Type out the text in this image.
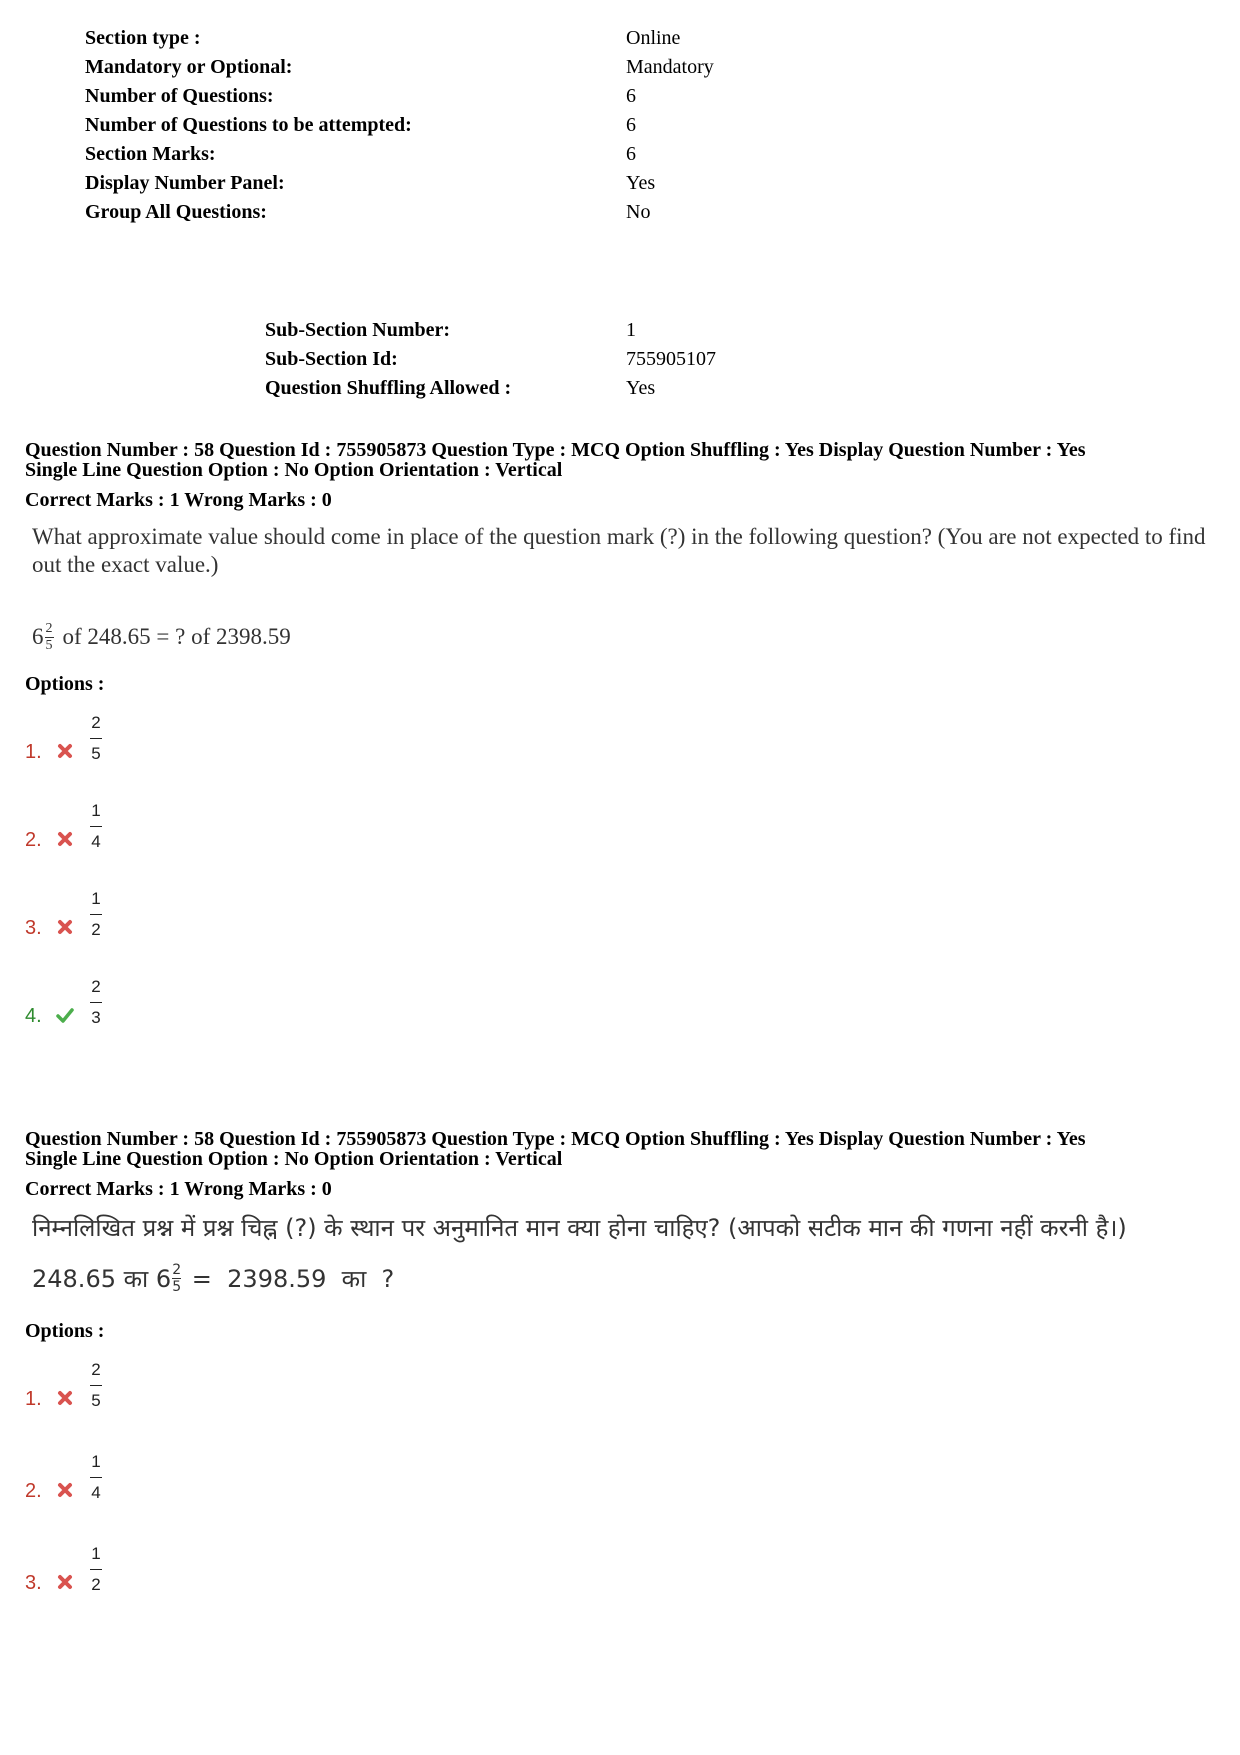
Section type :	Online
Mandatory or Optional:	Mandatory
Number of Questions:	6
Number of Questions to be attempted:	6
Section Marks:	6
Display Number Panel:	Yes
Group All Questions:	No
Sub-Section Number:	1
Sub-Section Id:	755905107
Question Shuffling Allowed :	Yes
Question Number : 58 Question Id : 755905873 Question Type : MCQ Option Shuffling : Yes Display Question Number : Yes
Single Line Question Option : No Option Orientation : Vertical
Correct Marks : 1 Wrong Marks : 0
What approximate value should come in place of the question mark (?) in the following question? (You are not expected to find out the exact value.)
$6 \frac{2}{5}$ of 248.65 = ? of 2398.59
Options :
1.
2
5
2.
1
4
3.
1
2
4.
2
3
Question Number : 58 Question Id : 755905873 Question Type : MCQ Option Shuffling : Yes Display Question Number : Yes
Single Line Question Option : No Option Orientation : Vertical
Correct Marks : 1 Wrong Marks : 0
निम्नलिखित प्रश्न में प्रश्न चिह्न (?) के स्थान पर अनुमानित मान क्या होना चाहिए? (आपको सटीक मान की गणना नहीं करनी है।)
248.65 का $6 \frac{2}{5} = 2398.59$  का  ?
Options :
1.
2
5
2.
1
4
3.
1
2
